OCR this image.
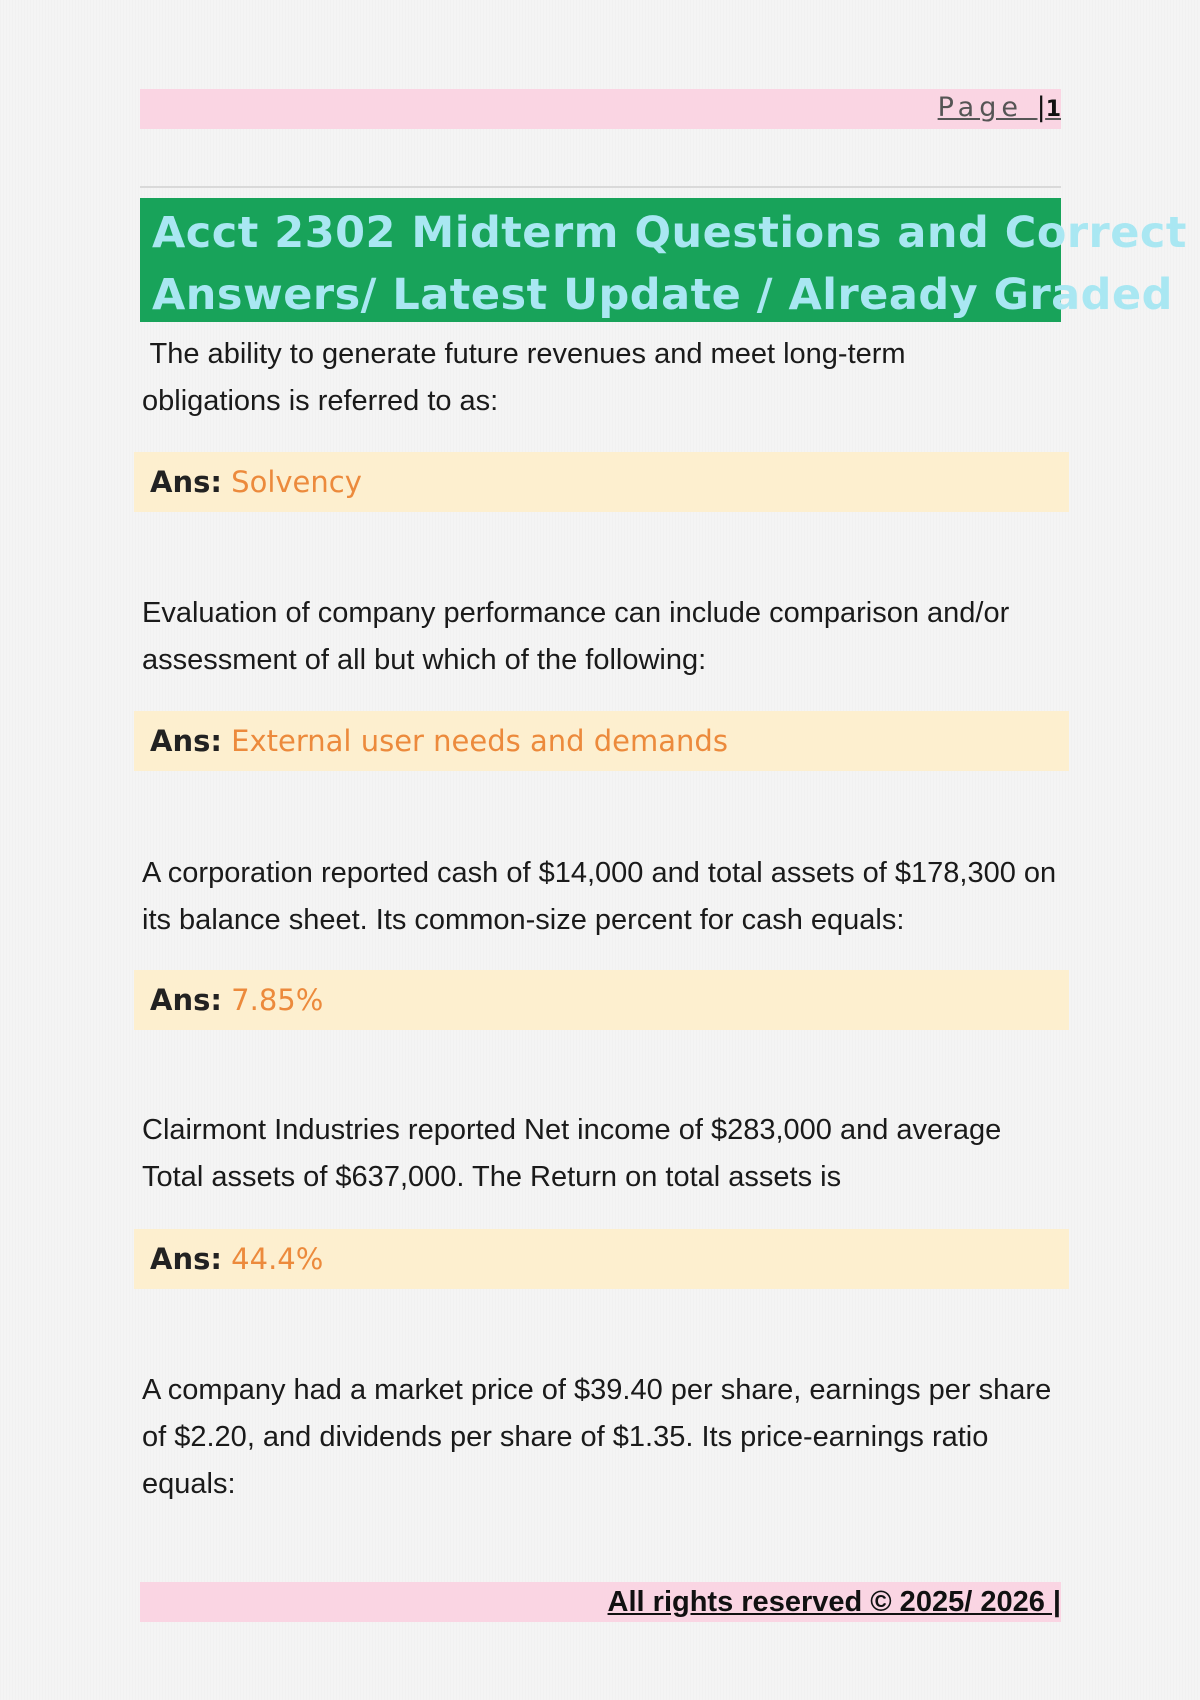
Page |1
Acct 2302 Midterm Questions and Correct
Answers/ Latest Update / Already Graded
The ability to generate future revenues and meet long-term
obligations is referred to as:
Ans: Solvency
Evaluation of company performance can include comparison and/or
assessment of all but which of the following:
Ans: External user needs and demands
A corporation reported cash of $14,000 and total assets of $178,300 on
its balance sheet. Its common-size percent for cash equals:
Ans: 7.85%
Clairmont Industries reported Net income of $283,000 and average
Total assets of $637,000. The Return on total assets is
Ans: 44.4%
A company had a market price of $39.40 per share, earnings per share
of $2.20, and dividends per share of $1.35. Its price-earnings ratio
equals:
All rights reserved © 2025/ 2026 |
